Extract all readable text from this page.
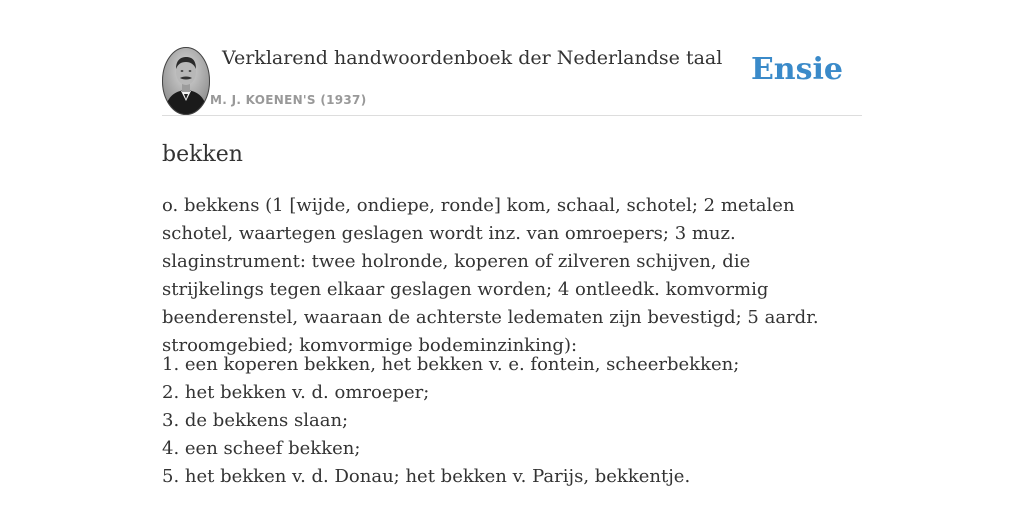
Verklarend handwoordenboek der Nederlandse taal
M. J. KOENEN'S (1937)
Ensie
bekken

o. bekkens (1 [wijde, ondiepe, ronde] kom, schaal, schotel; 2 metalen schotel, waartegen geslagen wordt inz. van omroepers; 3 muz. slaginstrument: twee holronde, koperen of zilveren schijven, die strijkelings tegen elkaar geslagen worden; 4 ontleedk. komvormig beenderenstel, waaraan de achterste ledematen zijn bevestigd; 5 aardr. stroomgebied; komvormige bodeminzinking):

1. een koperen bekken, het bekken v. e. fontein, scheerbekken;
2. het bekken v. d. omroeper;
3. de bekkens slaan;
4. een scheef bekken;
5. het bekken v. d. Donau; het bekken v. Parijs, bekkentje.
